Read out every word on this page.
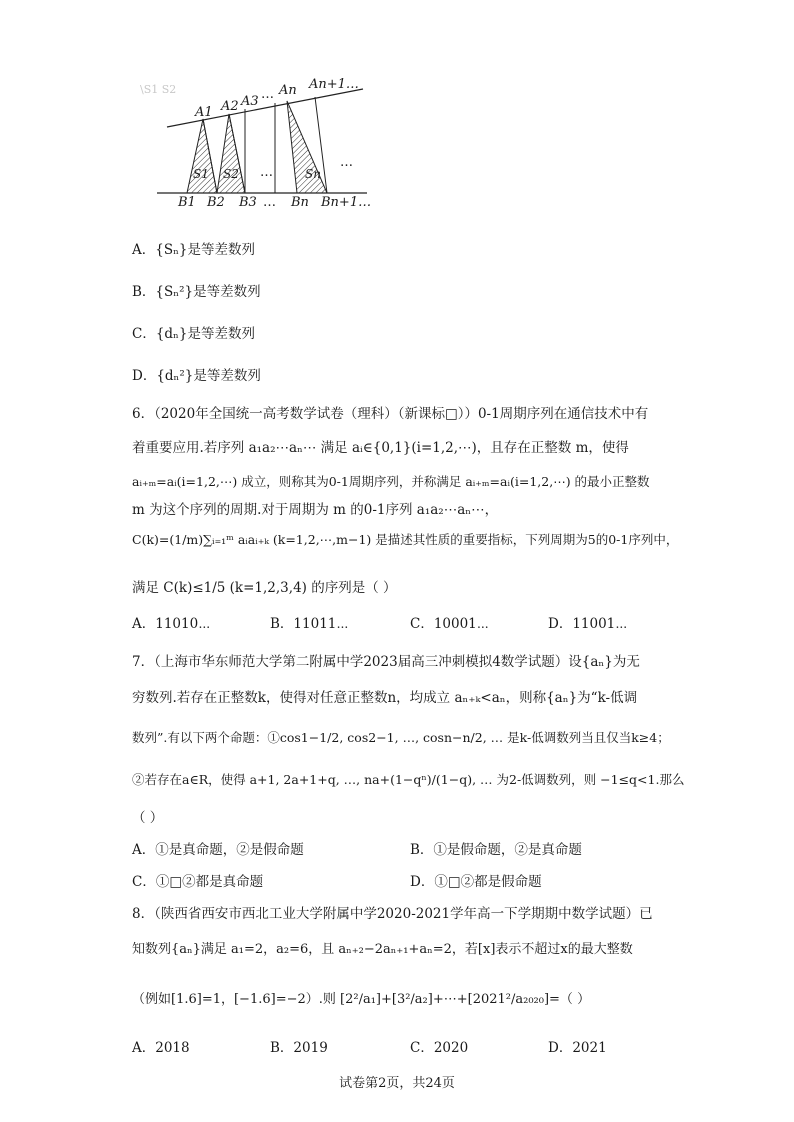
\S1 S2
A1 A2 A3 … An An+1…
S1 S2	Sn
…
…
B1 B2 B3 … Bn Bn+1…
A．{Sₙ}是等差数列
B．{Sₙ²}是等差数列
C．{dₙ}是等差数列
D．{dₙ²}是等差数列
6．（2020年全国统一高考数学试卷（理科）（新课标□））0-1周期序列在通信技术中有
着重要应用.若序列 a₁a₂⋯aₙ⋯ 满足 aᵢ∈{0,1}(i=1,2,⋯)，且存在正整数 m，使得
aᵢ₊ₘ=aᵢ(i=1,2,⋯) 成立，则称其为0-1周期序列，并称满足 aᵢ₊ₘ=aᵢ(i=1,2,⋯) 的最小正整数
m 为这个序列的周期.对于周期为 m 的0-1序列 a₁a₂⋯aₙ⋯，
C(k)=(1/m)∑ᵢ₌₁ᵐ aᵢaᵢ₊ₖ (k=1,2,⋯,m−1) 是描述其性质的重要指标，下列周期为5的0-1序列中，
满足 C(k)≤1/5 (k=1,2,3,4) 的序列是（ ）
A．11010⋯	B．11011⋯	C．10001⋯	D．11001⋯
7．（上海市华东师范大学第二附属中学2023届高三冲刺模拟4数学试题）设{aₙ}为无
穷数列.若存在正整数k，使得对任意正整数n，均成立 aₙ₊ₖ<aₙ，则称{aₙ}为“k-低调
数列”.有以下两个命题：①cos1−1/2, cos2−1, …, cosn−n/2, … 是k-低调数列当且仅当k≥4；
②若存在a∈R，使得 a+1, 2a+1+q, …, na+(1−qⁿ)/(1−q), … 为2-低调数列，则 −1≤q<1.那么
（ ）
A．①是真命题，②是假命题	B．①是假命题，②是真命题
C．①□②都是真命题	D．①□②都是假命题
8．（陕西省西安市西北工业大学附属中学2020-2021学年高一下学期期中数学试题）已
知数列{aₙ}满足 a₁=2，a₂=6，且 aₙ₊₂−2aₙ₊₁+aₙ=2，若[x]表示不超过x的最大整数
（例如[1.6]=1，[−1.6]=−2）.则 [2²/a₁]+[3²/a₂]+⋯+[2021²/a₂₀₂₀]=（ ）
A．2018	B．2019	C．2020	D．2021
试卷第2页，共24页
